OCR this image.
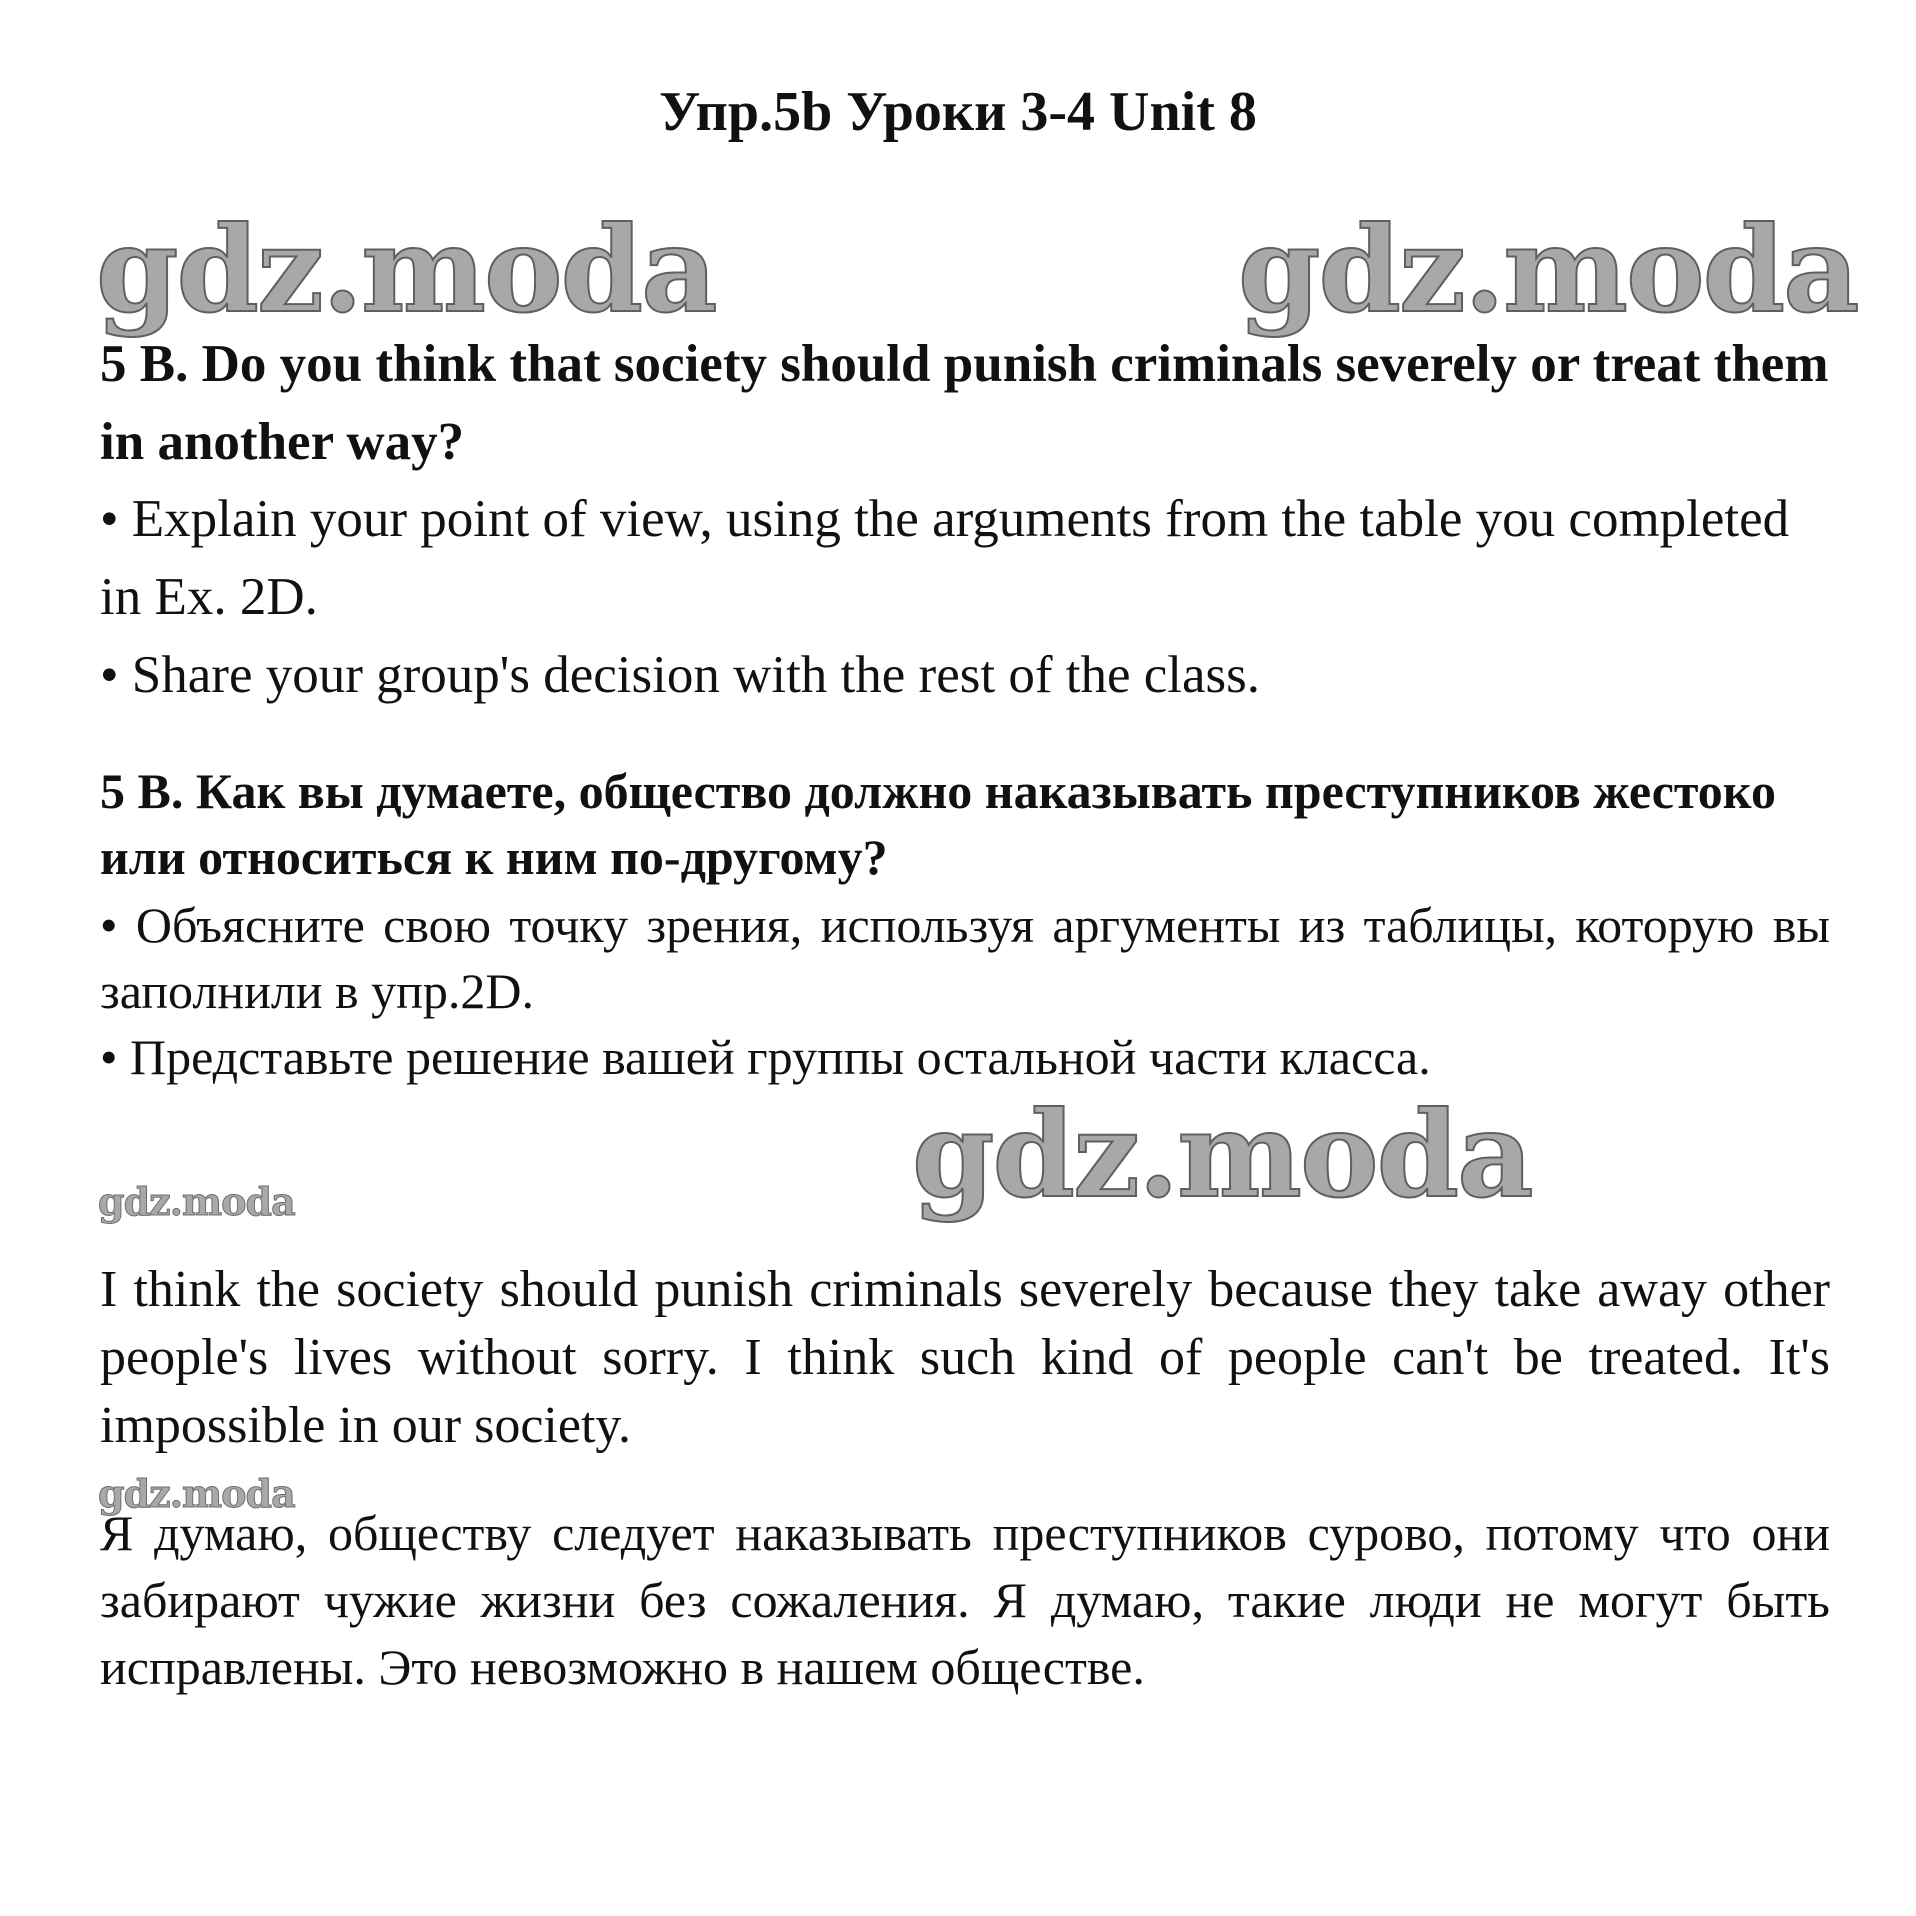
Упр.5b Уроки 3-4 Unit 8
gdz.moda	gdz.moda
5 B. Do you think that society should punish criminals severely or treat them in another way?

• Explain your point of view, using the arguments from the table you completed in Ex. 2D.

• Share your group's decision with the rest of the class.

5 B. Как вы думаете, общество должно наказывать преступников жестоко или относиться к ним по-другому?

• Объясните свою точку зрения, используя аргументы из таблицы, которую вы заполнили в упр.2D.

• Представьте решение вашей группы остальной части класса.

gdz.moda
gdz.moda
I think the society should punish criminals severely because they take away other people's lives without sorry. I think such kind of people can't be treated. It's impossible in our society.
gdz.moda
Я думаю, обществу следует наказывать преступников сурово, потому что они забирают чужие жизни без сожаления. Я думаю, такие люди не могут быть исправлены. Это невозможно в нашем обществе.
